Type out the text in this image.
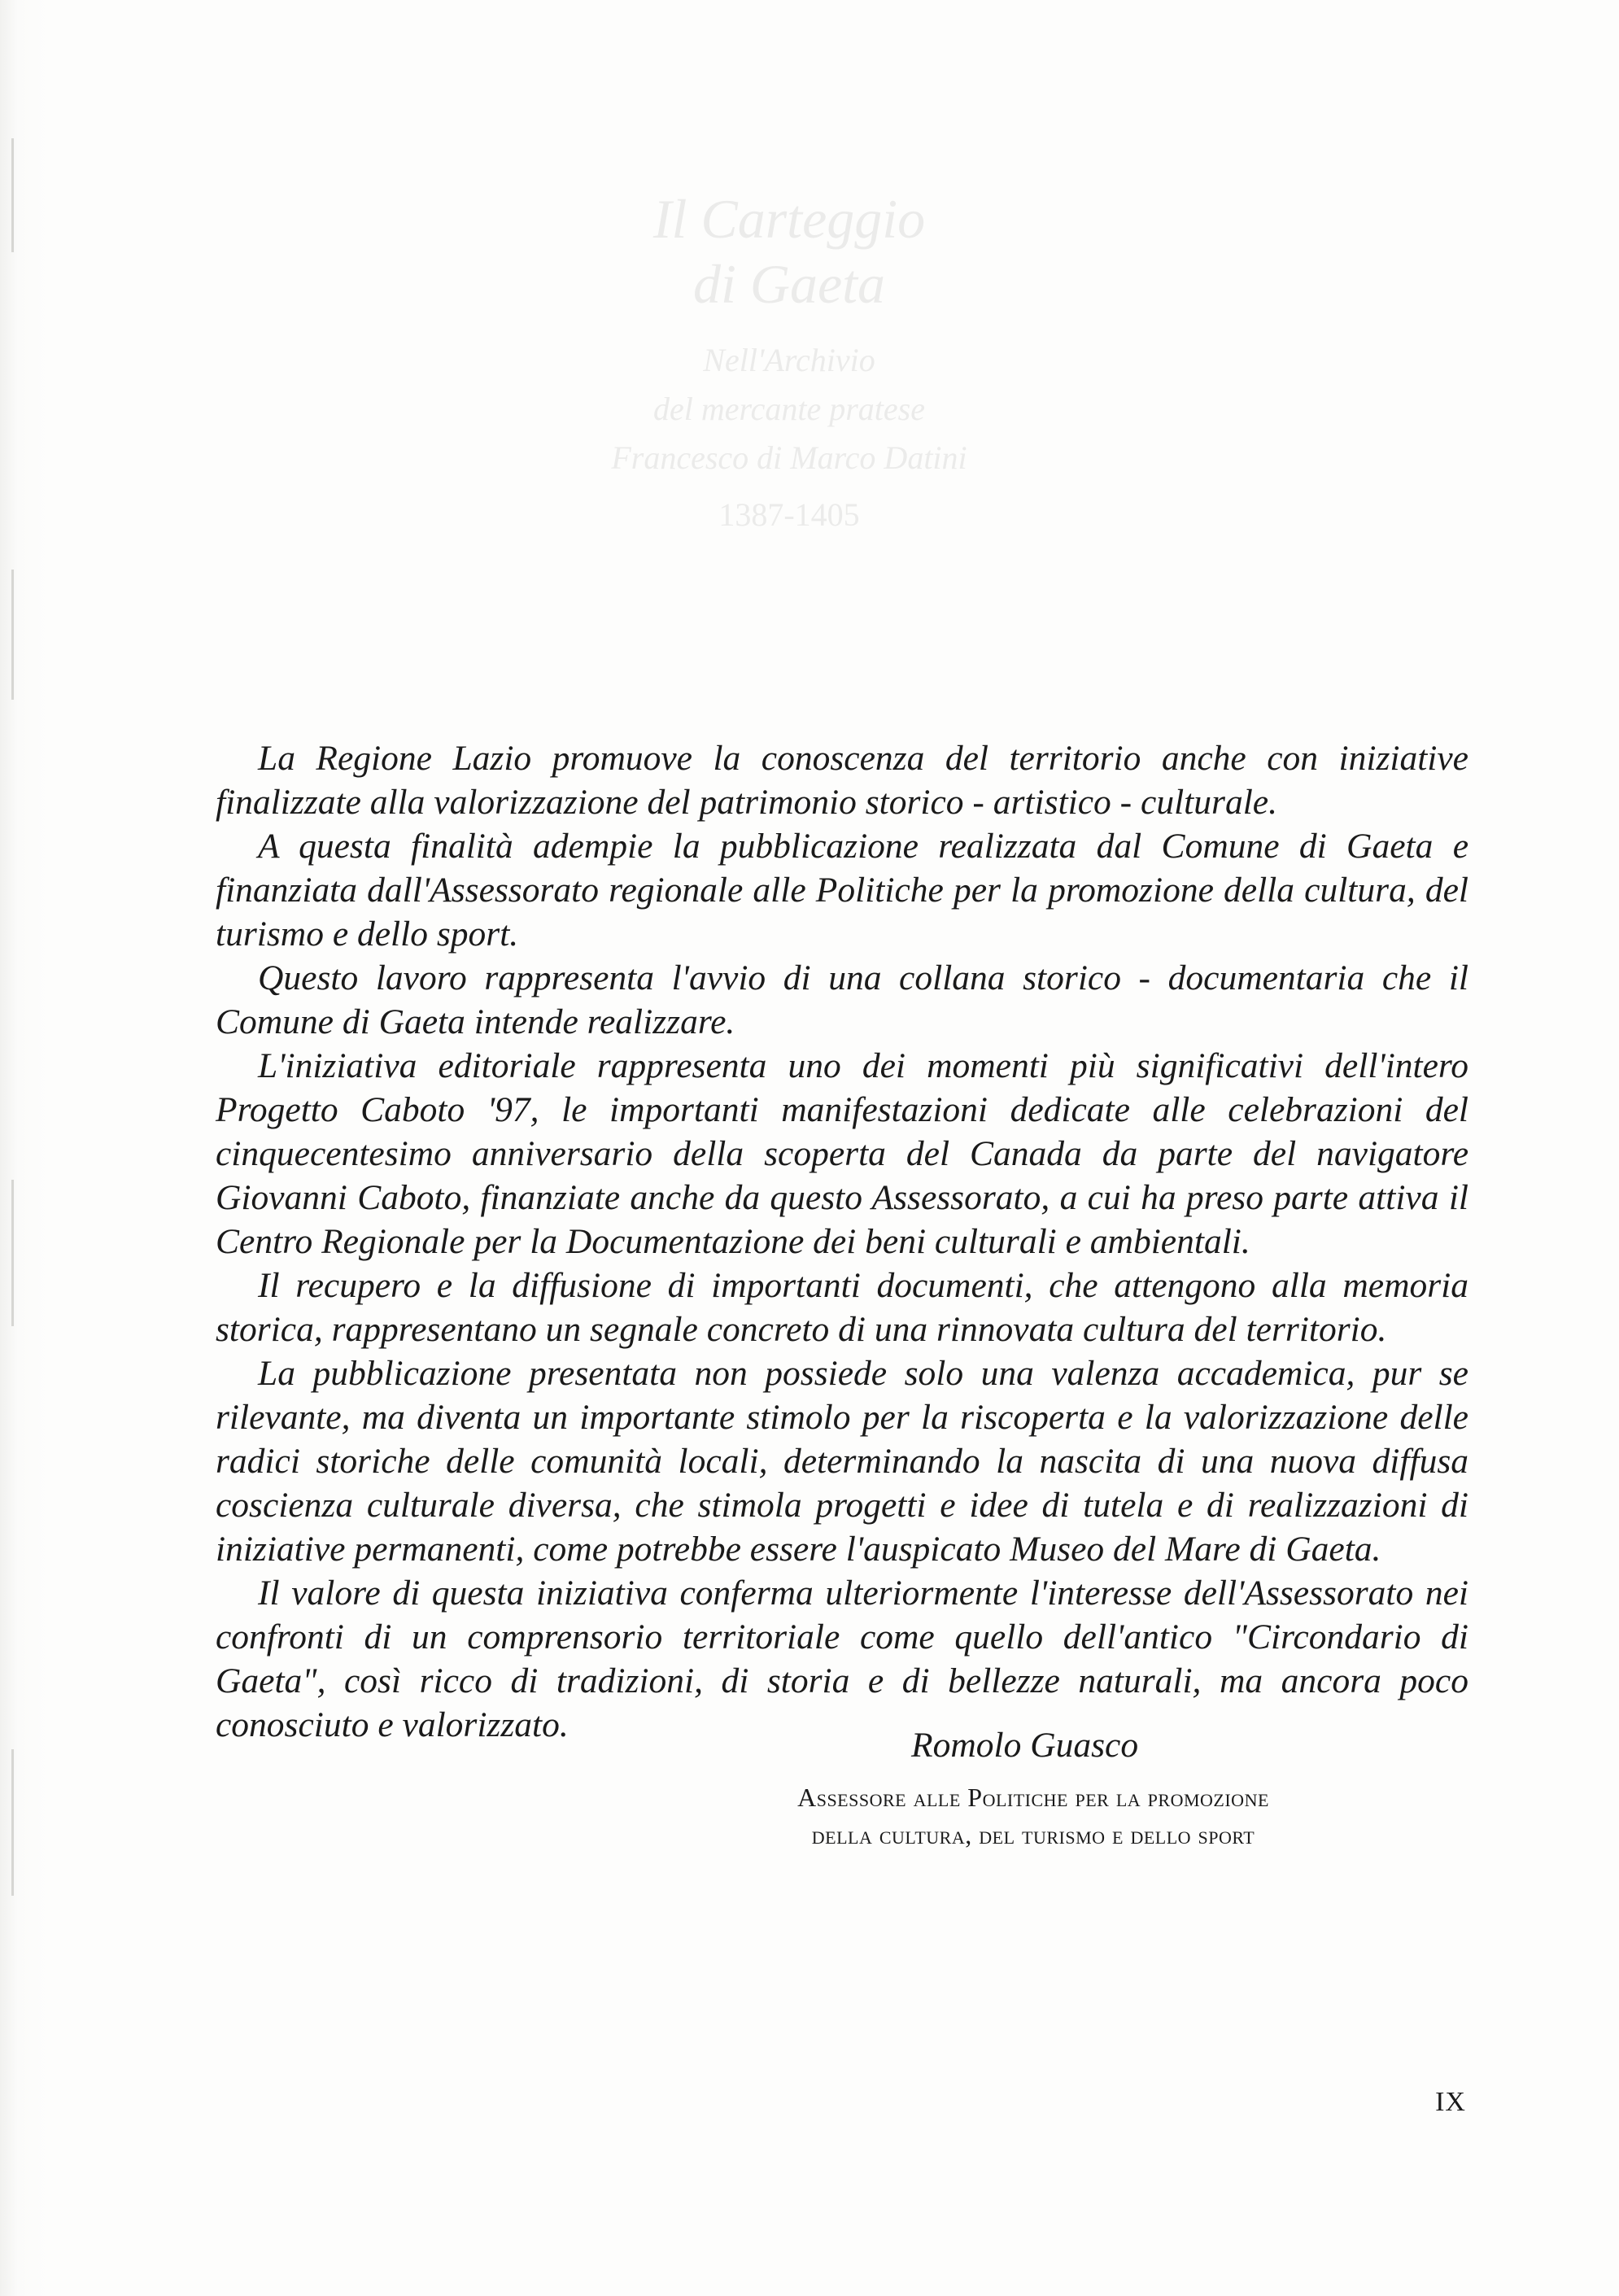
Il Carteggio
di Gaeta
Nell'Archivio
del mercante pratese
Francesco di Marco Datini
1387-1405

La Regione Lazio promuove la conoscenza del territorio anche con iniziative finalizzate alla valorizzazione del patrimonio storico - artistico - culturale.

A questa finalità adempie la pubblicazione realizzata dal Comune di Gaeta e finanziata dall'Assessorato regionale alle Politiche per la promozione della cultura, del turismo e dello sport.

Questo lavoro rappresenta l'avvio di una collana storico - documentaria che il Comune di Gaeta intende realizzare.

L'iniziativa editoriale rappresenta uno dei momenti più significativi dell'intero Progetto Caboto '97, le importanti manifestazioni dedicate alle celebrazioni del cinquecentesimo anniversario della scoperta del Canada da parte del navigatore Giovanni Caboto, finanziate anche da questo Assessorato, a cui ha preso parte attiva il Centro Regionale per la Documentazione dei beni culturali e ambientali.

Il recupero e la diffusione di importanti documenti, che attengono alla memoria storica, rappresentano un segnale concreto di una rinnovata cultura del territorio.

La pubblicazione presentata non possiede solo una valenza accademica, pur se rilevante, ma diventa un importante stimolo per la riscoperta e la valorizzazione delle radici storiche delle comunità locali, determinando la nascita di una nuova diffusa coscienza culturale diversa, che stimola progetti e idee di tutela e di realizzazioni di iniziative permanenti, come potrebbe essere l'auspicato Museo del Mare di Gaeta.

Il valore di questa iniziativa conferma ulteriormente l'interesse dell'Assessorato nei confronti di un comprensorio territoriale come quello dell'antico "Circondario di Gaeta", così ricco di tradizioni, di storia e di bellezze naturali, ma ancora poco conosciuto e valorizzato.

Romolo Guasco
Assessore alle Politiche per la promozione
della cultura, del turismo e dello sport
IX
